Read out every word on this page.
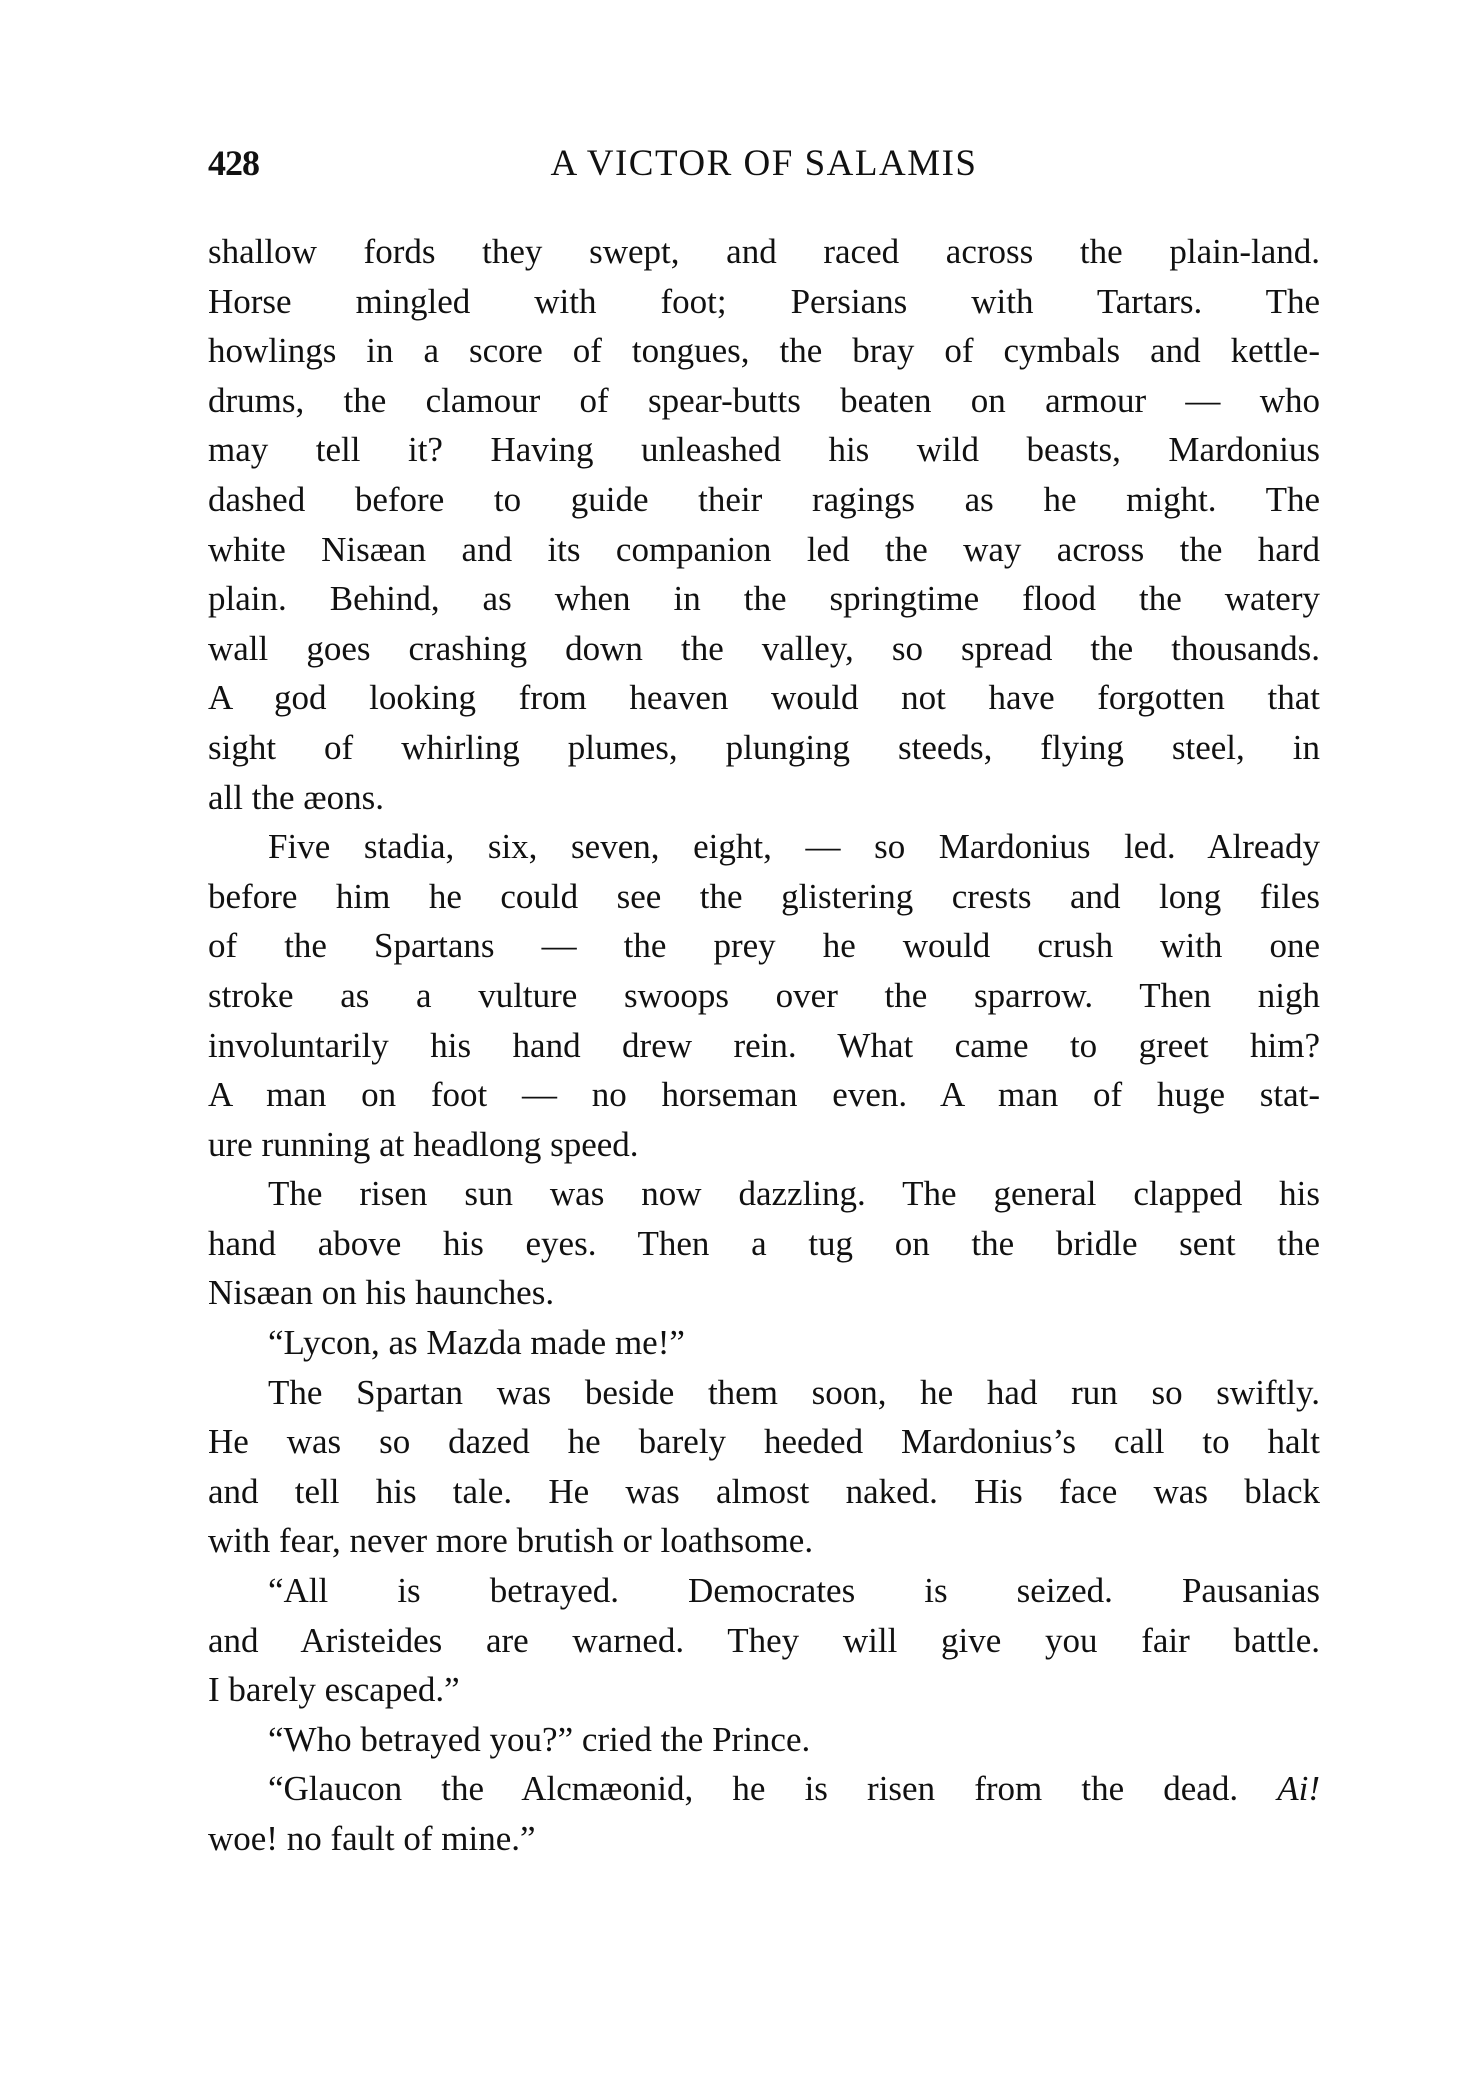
428	A VICTOR OF SALAMIS
shallow fords they swept, and raced across the plain-land.
Horse mingled with foot; Persians with Tartars. The
howlings in a score of tongues, the bray of cymbals and kettle-
drums, the clamour of spear-butts beaten on armour — who
may tell it? Having unleashed his wild beasts, Mardonius
dashed before to guide their ragings as he might. The
white Nisæan and its companion led the way across the hard
plain. Behind, as when in the springtime flood the watery
wall goes crashing down the valley, so spread the thousands.
A god looking from heaven would not have forgotten that
sight of whirling plumes, plunging steeds, flying steel, in
all the æons.
Five stadia, six, seven, eight, — so Mardonius led. Already
before him he could see the glistering crests and long files
of the Spartans — the prey he would crush with one
stroke as a vulture swoops over the sparrow. Then nigh
involuntarily his hand drew rein. What came to greet him?
A man on foot — no horseman even. A man of huge stat-
ure running at headlong speed.
The risen sun was now dazzling. The general clapped his
hand above his eyes. Then a tug on the bridle sent the
Nisæan on his haunches.
“Lycon, as Mazda made me!”
The Spartan was beside them soon, he had run so swiftly.
He was so dazed he barely heeded Mardonius’s call to halt
and tell his tale. He was almost naked. His face was black
with fear, never more brutish or loathsome.
“All is betrayed. Democrates is seized. Pausanias
and Aristeides are warned. They will give you fair battle.
I barely escaped.”
“Who betrayed you?” cried the Prince.
“Glaucon the Alcmæonid, he is risen from the dead. Ai!
woe! no fault of mine.”
